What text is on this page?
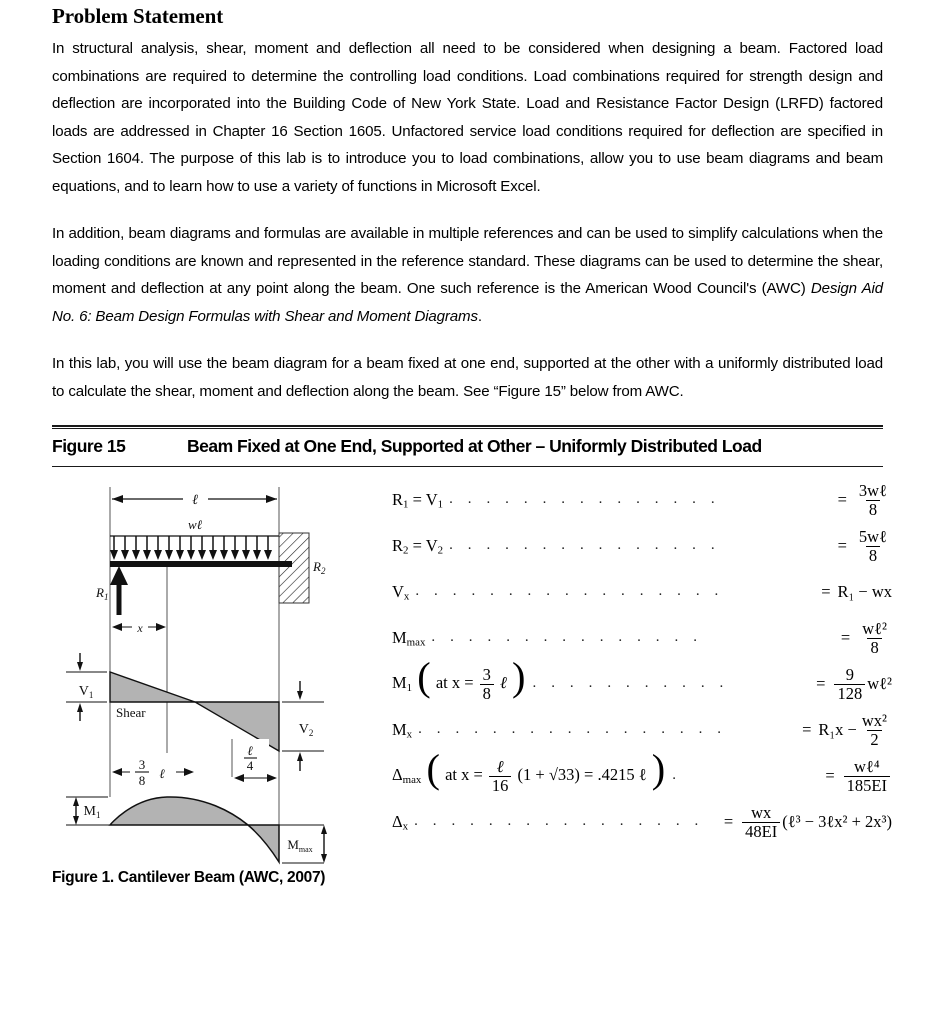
Problem Statement

In structural analysis, shear, moment and deflection all need to be considered when designing a beam. Factored load combinations are required to determine the controlling load conditions. Load combinations required for strength design and deflection are incorporated into the Building Code of New York State. Load and Resistance Factor Design (LRFD) factored loads are addressed in Chapter 16 Section 1605. Unfactored service load conditions required for deflection are specified in Section 1604. The purpose of this lab is to introduce you to load combinations, allow you to use beam diagrams and beam equations, and to learn how to use a variety of functions in Microsoft Excel.

In addition, beam diagrams and formulas are available in multiple references and can be used to simplify calculations when the loading conditions are known and represented in the reference standard. These diagrams can be used to determine the shear, moment and deflection at any point along the beam. One such reference is the American Wood Council's (AWC) Design Aid No. 6: Beam Design Formulas with Shear and Moment Diagrams.

In this lab, you will use the beam diagram for a beam fixed at one end, supported at the other with a uniformly distributed load to calculate the shear, moment and deflection along the beam. See “Figure 15” below from AWC.

Figure 15	Beam Fixed at One End, Supported at Other – Uniformly Distributed Load
ℓ
wℓ
$R_1$
$R_2$
x
$V_1$
Shear
$V_2$
3
8 ℓ
$M_1$
ℓ
4
$M_{max}$
$R_1 = V_1$ . . . . . . . . . . . . . . .	= $\frac{\text{3wℓ}}{8}$
$R_2 = V_2$ . . . . . . . . . . . . . . .	= $\frac{\text{5wℓ}}{8}$
$V_x$ . . . . . . . . . . . . . . . . .	= R₁ − wx
$M_{max}$ . . . . . . . . . . . . . . .	= $\frac{\text{wℓ²}}{8}$
$M_1$ ( at $x = \frac{3}{8}$ ℓ ) . . . . . . . . . . .	= $\frac{9}{128}$ wℓ²
$M_x$ . . . . . . . . . . . . . . . . .	= $R_1x - \frac{\text{wx²}}{2}$
$\Delta_{max}$ ( at $x = \frac{\text{ℓ}}{16} (1 + √33) = .4215$ ℓ ) .	= $\frac{\text{wℓ⁴}}{185EI}$
$\Delta_x$ . . . . . . . . . . . . . . . .	= $\frac{wx}{48EI}$ (ℓ³ − 3ℓx² + 2x³)
Figure 1. Cantilever Beam (AWC, 2007)
